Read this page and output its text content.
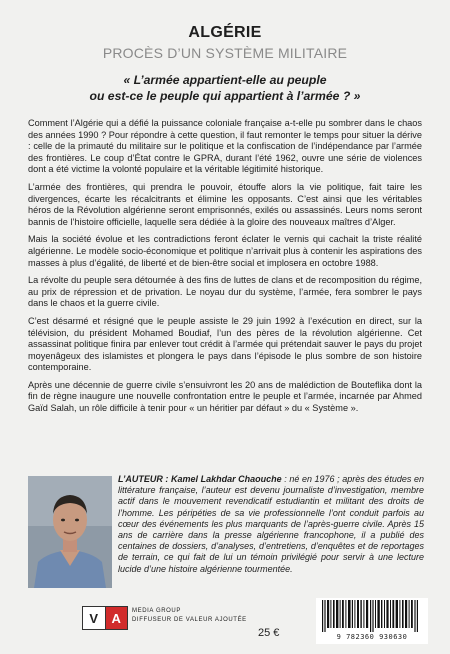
ALGÉRIE
PROCÈS D’UN SYSTÈME MILITAIRE
« L’armée appartient-elle au peuple
ou est-ce le peuple qui appartient à l’armée ? »

Comment l’Algérie qui a défié la puissance coloniale française a-t-elle pu sombrer dans le chaos des années 1990 ? Pour répondre à cette question, il faut remonter le temps pour situer la dérive : celle de la primauté du militaire sur le politique et la confiscation de l’indépendance par l’armée des frontières. Le coup d’État contre le GPRA, durant l’été 1962, ouvre une série de violences dont a été victime la volonté populaire et la véritable légitimité historique.

L’armée des frontières, qui prendra le pouvoir, étouffe alors la vie politique, fait taire les divergences, écarte les récalcitrants et élimine les opposants. C’est ainsi que les véritables héros de la Révolution algérienne seront emprisonnés, exilés ou assassinés. Leurs noms seront bannis de l’histoire officielle, laquelle sera dédiée à la gloire des nouveaux maîtres d’Alger.

Mais la société évolue et les contradictions feront éclater le vernis qui cachait la triste réalité algérienne. Le modèle socio-économique et politique n’arrivait plus à contenir les aspirations des masses à plus d’égalité, de liberté et de bien-être social et implosera en octobre 1988.

La révolte du peuple sera détournée à des fins de luttes de clans et de recomposition du régime, au prix de répression et de privation. Le noyau dur du système, l’armée, fera sombrer le pays dans le chaos et la guerre civile.

C’est désarmé et résigné que le peuple assiste le 29 juin 1992 à l’exécution en direct, sur la télévision, du président Mohamed Boudiaf, l’un des pères de la révolution algérienne. Cet assassinat politique finira par enlever tout crédit à l’armée qui prétendait sauver le pays du projet moyenâgeux des islamistes et plongera le pays dans l’épisode le plus sombre de son histoire contemporaine.

Après une décennie de guerre civile s’ensuivront les 20 ans de malédiction de Bouteflika dont la fin de règne inaugure une nouvelle confrontation entre le peuple et l’armée, incarnée par Ahmed Gaïd Salah, un rôle difficile à tenir pour « un héritier par défaut » du « Système ».

L’AUTEUR : Kamel Lakhdar Chaouche : né en 1976 ; après des études en littérature française, l’auteur est devenu journaliste d’investigation, membre actif dans le mouvement revendicatif estudiantin et militant des droits de l’homme. Les péripéties de sa vie professionnelle l’ont conduit parfois au cœur des événements les plus marquants de l’après-guerre civile. Après 15 ans de carrière dans la presse algérienne francophone, il a publié des centaines de dossiers, d’analyses, d’entretiens, d’enquêtes et de reportages de terrain, ce qui fait de lui un témoin privilégié pour servir à une lecture lucide d’une histoire algérienne tourmentée.
V	A	MEDIA GROUP
DIFFUSEUR DE VALEUR AJOUTÉE
25 €	9 782360 930630
